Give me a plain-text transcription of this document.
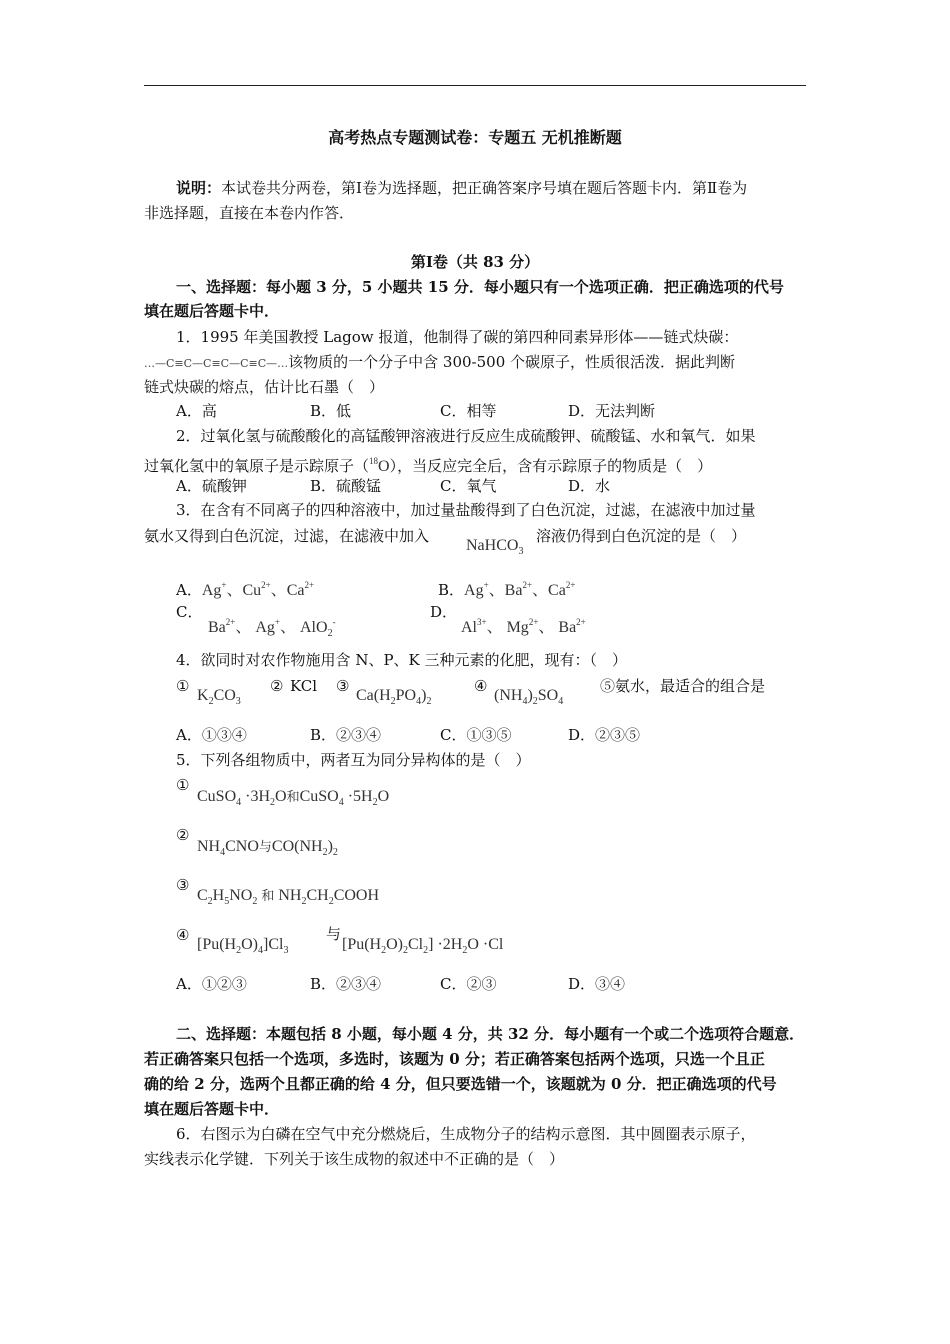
高考热点专题测试卷：专题五 无机推断题
说明：本试卷共分两卷，第Ⅰ卷为选择题，把正确答案序号填在题后答题卡内．第Ⅱ卷为
非选择题，直接在本卷内作答．
第Ⅰ卷（共 83 分）
一、选择题：每小题 3 分，5 小题共 15 分．每小题只有一个选项正确．把正确选项的代号
填在题后答题卡中．
1．1995 年美国教授 Lagow 报道，他制得了碳的第四种同素异形体——链式炔碳：
…—C≡C—C≡C—C≡C—…该物质的一个分子中含 300-500 个碳原子，性质很活泼．据此判断
链式炔碳的熔点，估计比石墨（　）
A．高	B．低	C．相等	D．无法判断
2．过氧化氢与硫酸酸化的高锰酸钾溶液进行反应生成硫酸钾、硫酸锰、水和氧气．如果
过氧化氢中的氧原子是示踪原子（$^{18}$O），当反应完全后，含有示踪原子的物质是（　）
A．硫酸钾	B．硫酸锰	C．氧气	D．水
3．在含有不同离子的四种溶液中，加过量盐酸得到了白色沉淀，过滤，在滤液中加过量
氨水又得到白色沉淀，过滤，在滤液中加入
NaHCO$_3$
溶液仍得到白色沉淀的是（　）
A．Ag+、$Cu^{2+}$、$Ca^{2+}$	B．Ag+、$Ba^{2+}$、$Ca^{2+}$
C．
$Ba^{2+}$、 Ag+、 AlO$_2$-
D．
$Al^{3+}$、 $Mg^{2+}$、 $Ba^{2+}$
4．欲同时对农作物施用含 N、P、K 三种元素的化肥，现有：（　）
①
$K_2CO_3$
② KCl ③
$Ca(H_2PO_4)_2$
④
$(NH_4)_2SO_4$
⑤氨水，最适合的组合是
A．①③④	B．②③④	C．①③⑤	D．②③⑤
5．下列各组物质中，两者互为同分异构体的是（　）
①
CuSO$_4$ $\cdot 3H_2O$和CuSO$_4$ $\cdot 5H_2O$
②
$NH_4CNO$与$CO(NH_2)_2$
③
$C_2H_5NO_2$ 和 $NH_2CH_2COOH$
④
$[Pu(H_2O)_4]Cl_3$
与
$[Pu(H_2O)_2Cl_2] \cdot 2H_2O \cdot Cl$
A．①②③	B．②③④	C．②③	D．③④
二、选择题：本题包括 8 小题，每小题 4 分，共 32 分．每小题有一个或二个选项符合题意．
若正确答案只包括一个选项，多选时，该题为 0 分；若正确答案包括两个选项，只选一个且正
确的给 2 分，选两个且都正确的给 4 分，但只要选错一个，该题就为 0 分．把正确选项的代号
填在题后答题卡中．
6．右图示为白磷在空气中充分燃烧后，生成物分子的结构示意图．其中圆圈表示原子，
实线表示化学键．下列关于该生成物的叙述中不正确的是（　）
